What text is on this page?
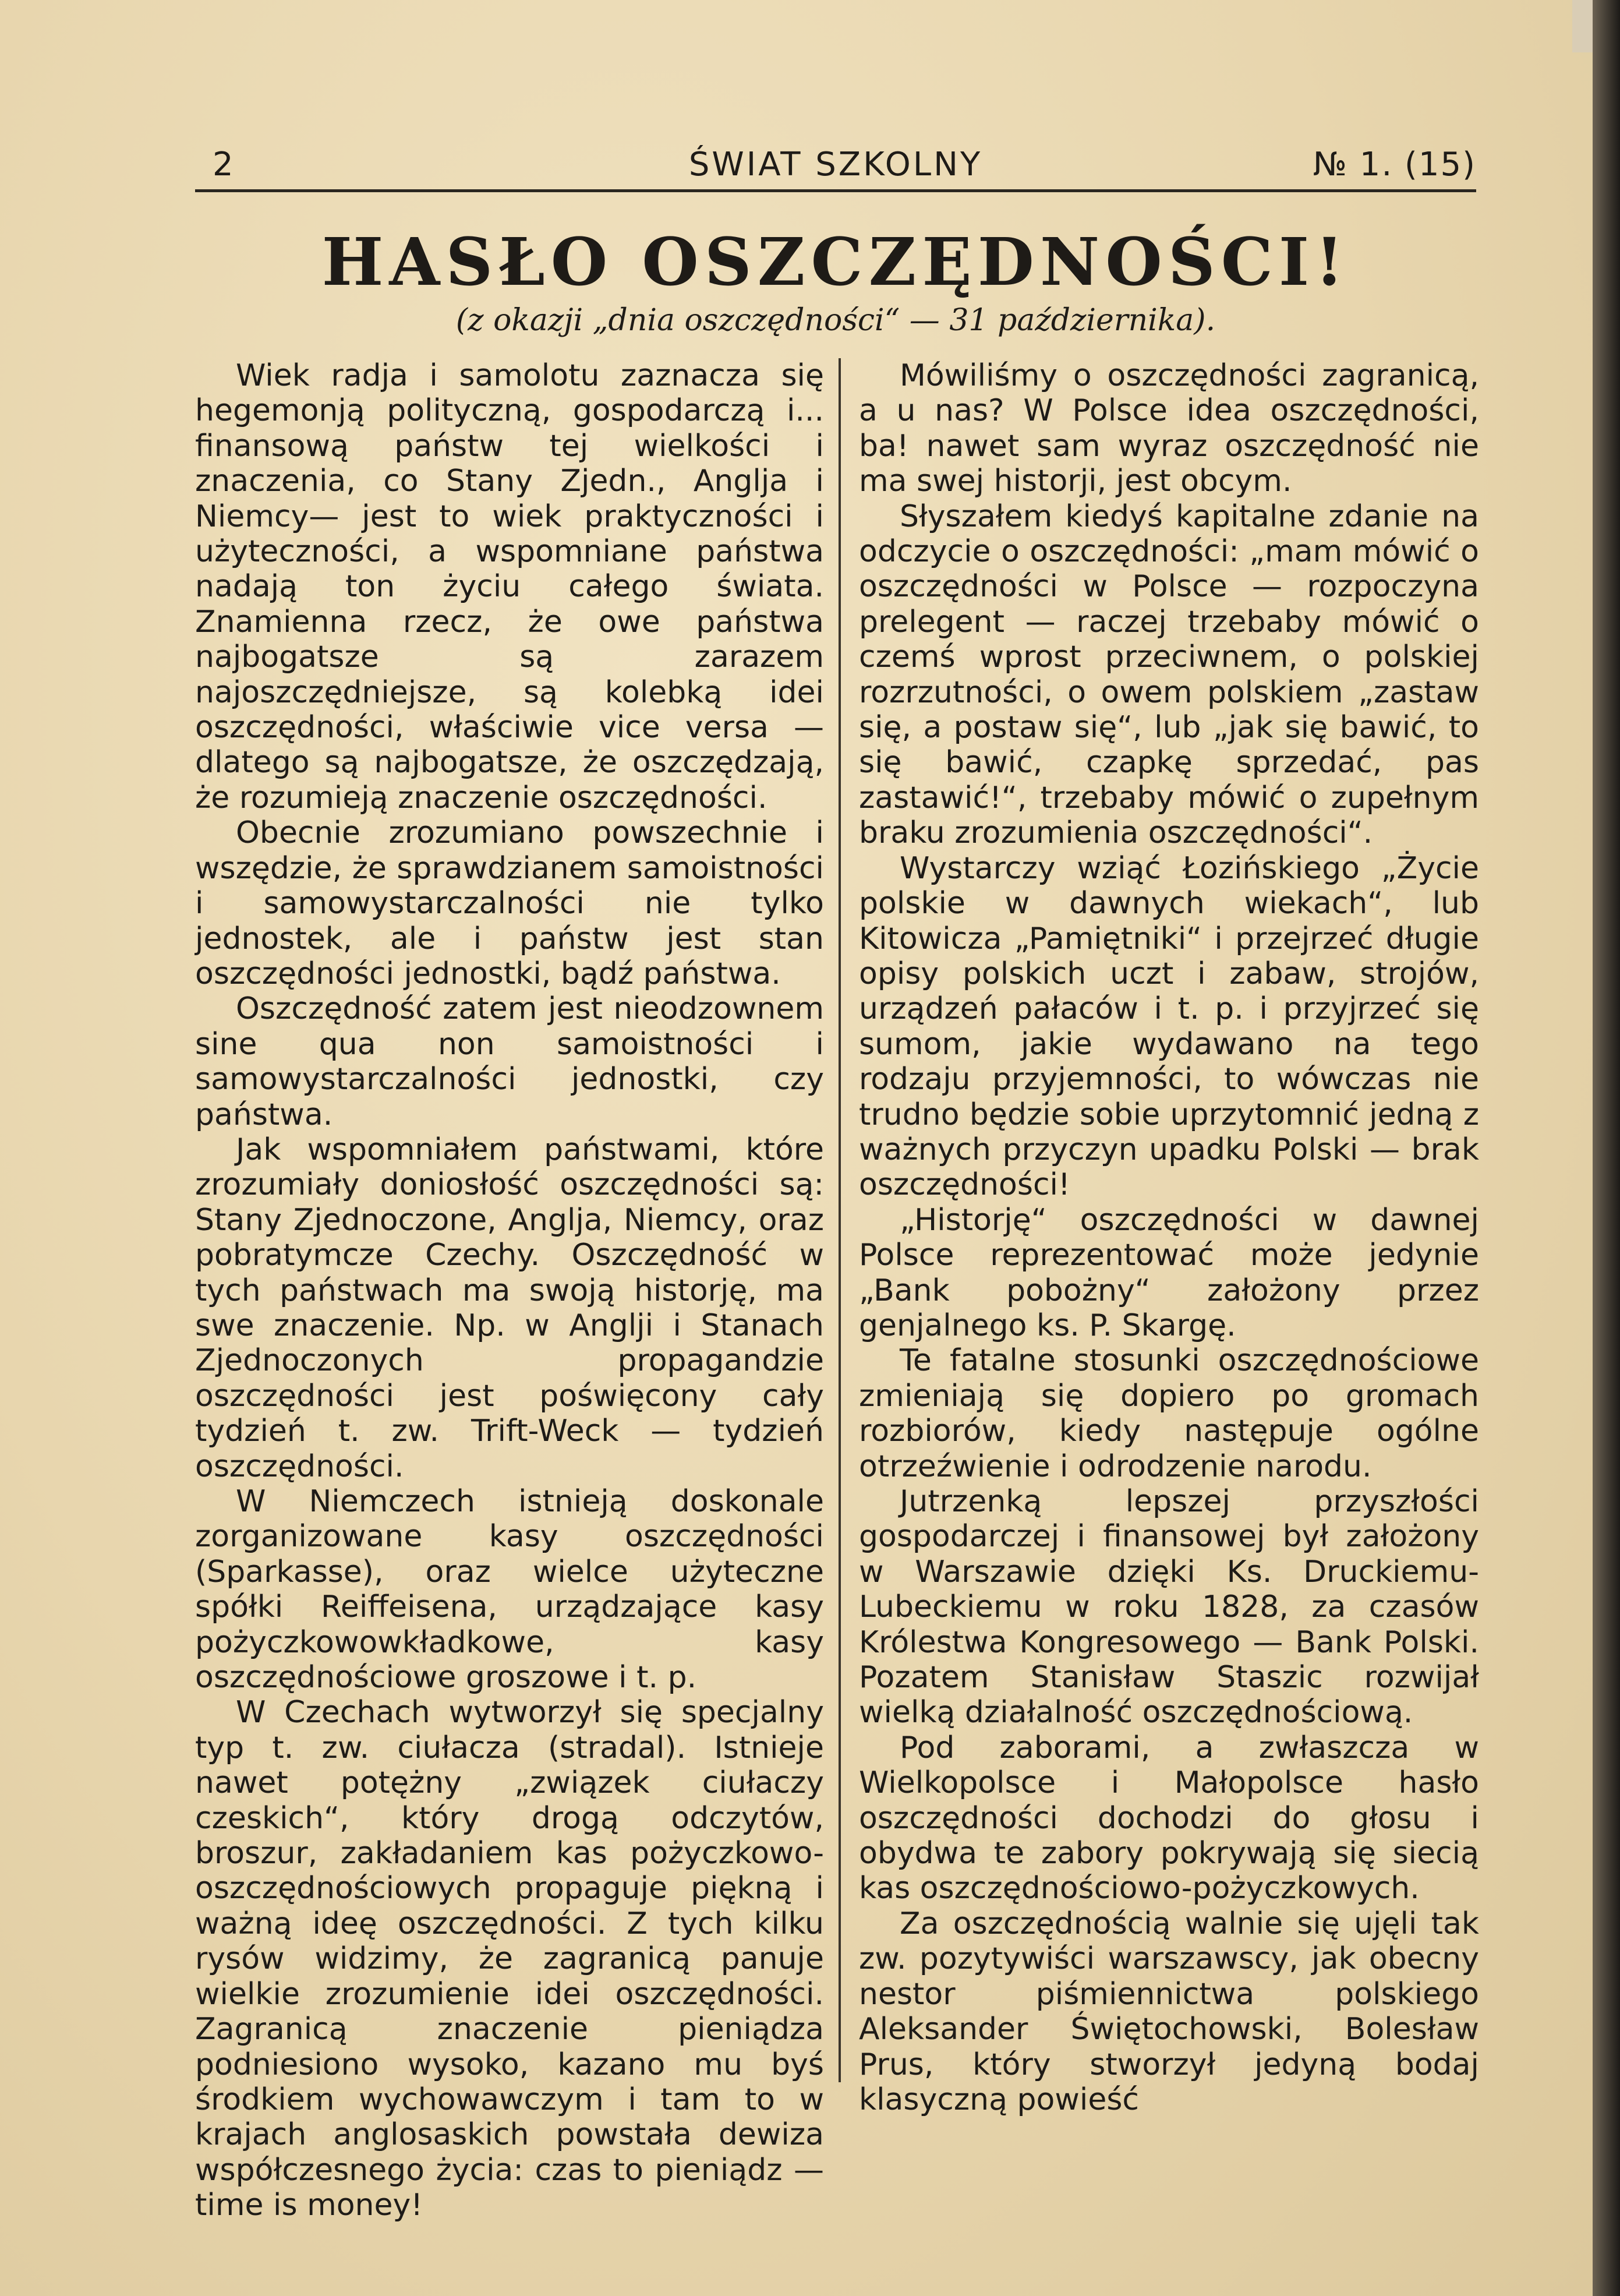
2	ŚWIAT SZKOLNY	№ 1. (15)
HASŁO OSZCZĘDNOŚCI!
(z okazji „dnia oszczędności“ — 31 października).

Wiek radja i samolotu zaznacza się hegemonją polityczną, gospodarczą i... finansową państw tej wielkości i znaczenia, co Stany Zjedn., Anglja i Niemcy— jest to wiek praktyczności i użyteczności, a wspomniane państwa nadają ton życiu całego świata. Znamienna rzecz, że owe państwa najbogatsze są zarazem najoszczędniejsze, są kolebką idei oszczędności, właściwie vice versa — dlatego są najbogatsze, że oszczędzają, że rozumieją znaczenie oszczędności.

Obecnie zrozumiano powszechnie i wszędzie, że sprawdzianem samoistności i samowystarczalności nie tylko jednostek, ale i państw jest stan oszczędności jednostki, bądź państwa.

Oszczędność zatem jest nieodzownem sine qua non samoistności i samowystarczalności jednostki, czy państwa.

Jak wspomniałem państwami, które zrozumiały doniosłość oszczędności są: Stany Zjednoczone, Anglja, Niemcy, oraz pobratymcze Czechy. Oszczędność w tych państwach ma swoją historję, ma swe znaczenie. Np. w Anglji i Stanach Zjednoczonych propagandzie oszczędności jest poświęcony cały tydzień t. zw. Trift-Weck — tydzień oszczędności.

W Niemczech istnieją doskonale zorganizowane kasy oszczędności (Sparkasse), oraz wielce użyteczne spółki Reiffeisena, urządzające kasy pożyczkowowkładkowe, kasy oszczędnościowe groszowe i t. p.

W Czechach wytworzył się specjalny typ t. zw. ciułacza (stradal). Istnieje nawet potężny „związek ciułaczy czeskich“, który drogą odczytów, broszur, zakładaniem kas pożyczkowo-oszczędnościowych propaguje piękną i ważną ideę oszczędności. Z tych kilku rysów widzimy, że zagranicą panuje wielkie zrozumienie idei oszczędności. Zagranicą znaczenie pieniądza podniesiono wysoko, kazano mu byś środkiem wychowawczym i tam to w krajach anglosaskich powstała dewiza współczesnego życia: czas to pieniądz — time is money!

Mówiliśmy o oszczędności zagranicą, a u nas? W Polsce idea oszczędności, ba! nawet sam wyraz oszczędność nie ma swej historji, jest obcym.

Słyszałem kiedyś kapitalne zdanie na odczycie o oszczędności: „mam mówić o oszczędności w Polsce — rozpoczyna prelegent — raczej trzebaby mówić o czemś wprost przeciwnem, o polskiej rozrzutności, o owem polskiem „zastaw się, a postaw się“, lub „jak się bawić, to się bawić, czapkę sprzedać, pas zastawić!“, trzebaby mówić o zupełnym braku zrozumienia oszczędności“.

Wystarczy wziąć Łozińskiego „Życie polskie w dawnych wiekach“, lub Kitowicza „Pamiętniki“ i przejrzeć długie opisy polskich uczt i zabaw, strojów, urządzeń pałaców i t. p. i przyjrzeć się sumom, jakie wydawano na tego rodzaju przyjemności, to wówczas nie trudno będzie sobie uprzytomnić jedną z ważnych przyczyn upadku Polski — brak oszczędności!

„Historję“ oszczędności w dawnej Polsce reprezentować może jedynie „Bank pobożny“ założony przez genjalnego ks. P. Skargę.

Te fatalne stosunki oszczędnościowe zmieniają się dopiero po gromach rozbiorów, kiedy następuje ogólne otrzeźwienie i odrodzenie narodu.

Jutrzenką lepszej przyszłości gospodarczej i finansowej był założony w Warszawie dzięki Ks. Druckiemu-Lubeckiemu w roku 1828, za czasów Królestwa Kongresowego — Bank Polski. Pozatem Stanisław Staszic rozwijał wielką działalność oszczędnościową.

Pod zaborami, a zwłaszcza w Wielkopolsce i Małopolsce hasło oszczędności dochodzi do głosu i obydwa te zabory pokrywają się siecią kas oszczędnościowo-pożyczkowych.

Za oszczędnością walnie się ujęli tak zw. pozytywiści warszawscy, jak obecny nestor piśmiennictwa polskiego Aleksander Świętochowski, Bolesław Prus, który stworzył jedyną bodaj klasyczną powieść
